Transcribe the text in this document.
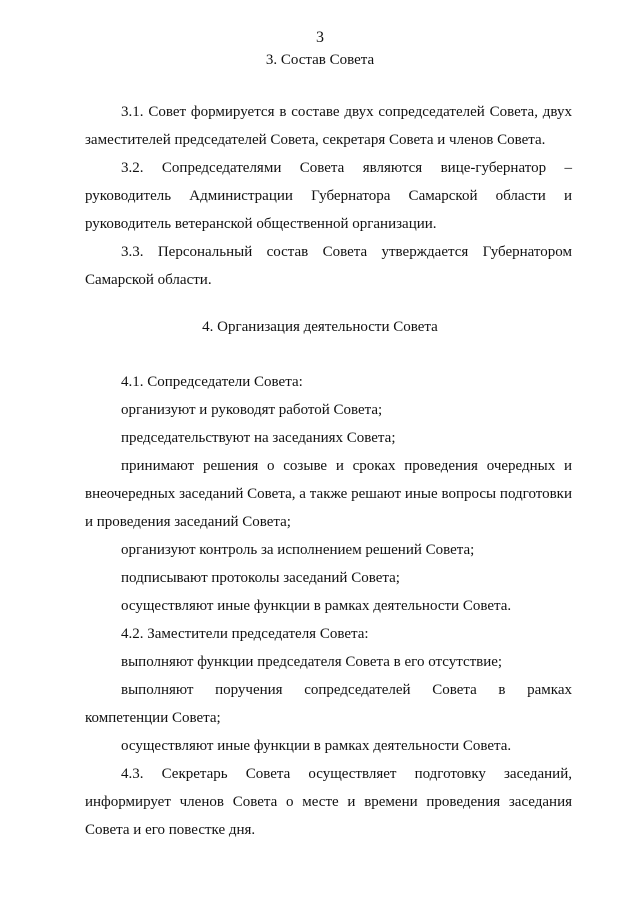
3
3. Состав Совета
3.1. Совет формируется в составе двух сопредседателей Совета, двух заместителей председателей Совета, секретаря Совета и членов Совета.
3.2. Сопредседателями Совета являются вице-губернатор –
руководитель Администрации Губернатора Самарской области и
руководитель ветеранской общественной организации.
3.3. Персональный состав Совета утверждается Губернатором Самарской области.
4. Организация деятельности Совета
4.1. Сопредседатели Совета:
организуют и руководят работой Совета;
председательствуют на заседаниях Совета;
принимают решения о созыве и сроках проведения очередных и внеочередных заседаний Совета, а также решают иные вопросы подготовки и проведения заседаний Совета;
организуют контроль за исполнением решений Совета;
подписывают протоколы заседаний Совета;
осуществляют иные функции в рамках деятельности Совета.
4.2. Заместители председателя Совета:
выполняют функции председателя Совета в его отсутствие;
выполняют поручения сопредседателей Совета в рамках
компетенции Совета;
осуществляют иные функции в рамках деятельности Совета.
4.3. Секретарь Совета осуществляет подготовку заседаний, информирует членов Совета о месте и времени проведения заседания Совета и его повестке дня.
